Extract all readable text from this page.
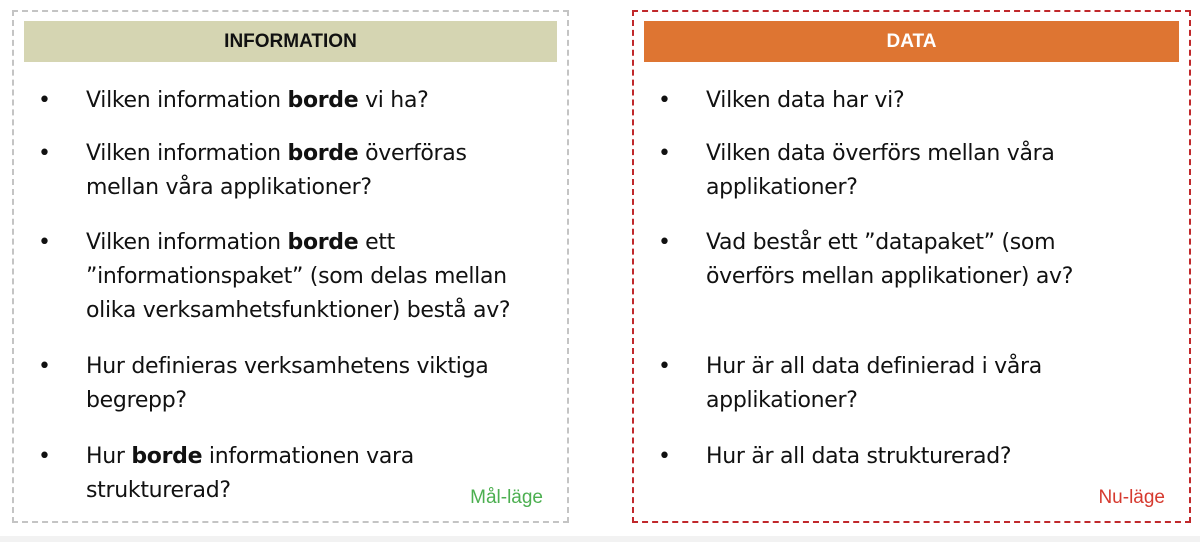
INFORMATION
• Vilken information borde vi ha?
• Vilken information borde överföras
mellan våra applikationer?
• Vilken information borde ett
”informationspaket” (som delas mellan
olika verksamhetsfunktioner) bestå av?
• Hur definieras verksamhetens viktiga
begrepp?
• Hur borde informationen vara
strukturerad?	Mål-läge
DATA
• Vilken data har vi?
• Vilken data överförs mellan våra
applikationer?
• Vad består ett ”datapaket” (som
överförs mellan applikationer) av?
• Hur är all data definierad i våra
applikationer?
• Hur är all data strukturerad?
Nu-läge
